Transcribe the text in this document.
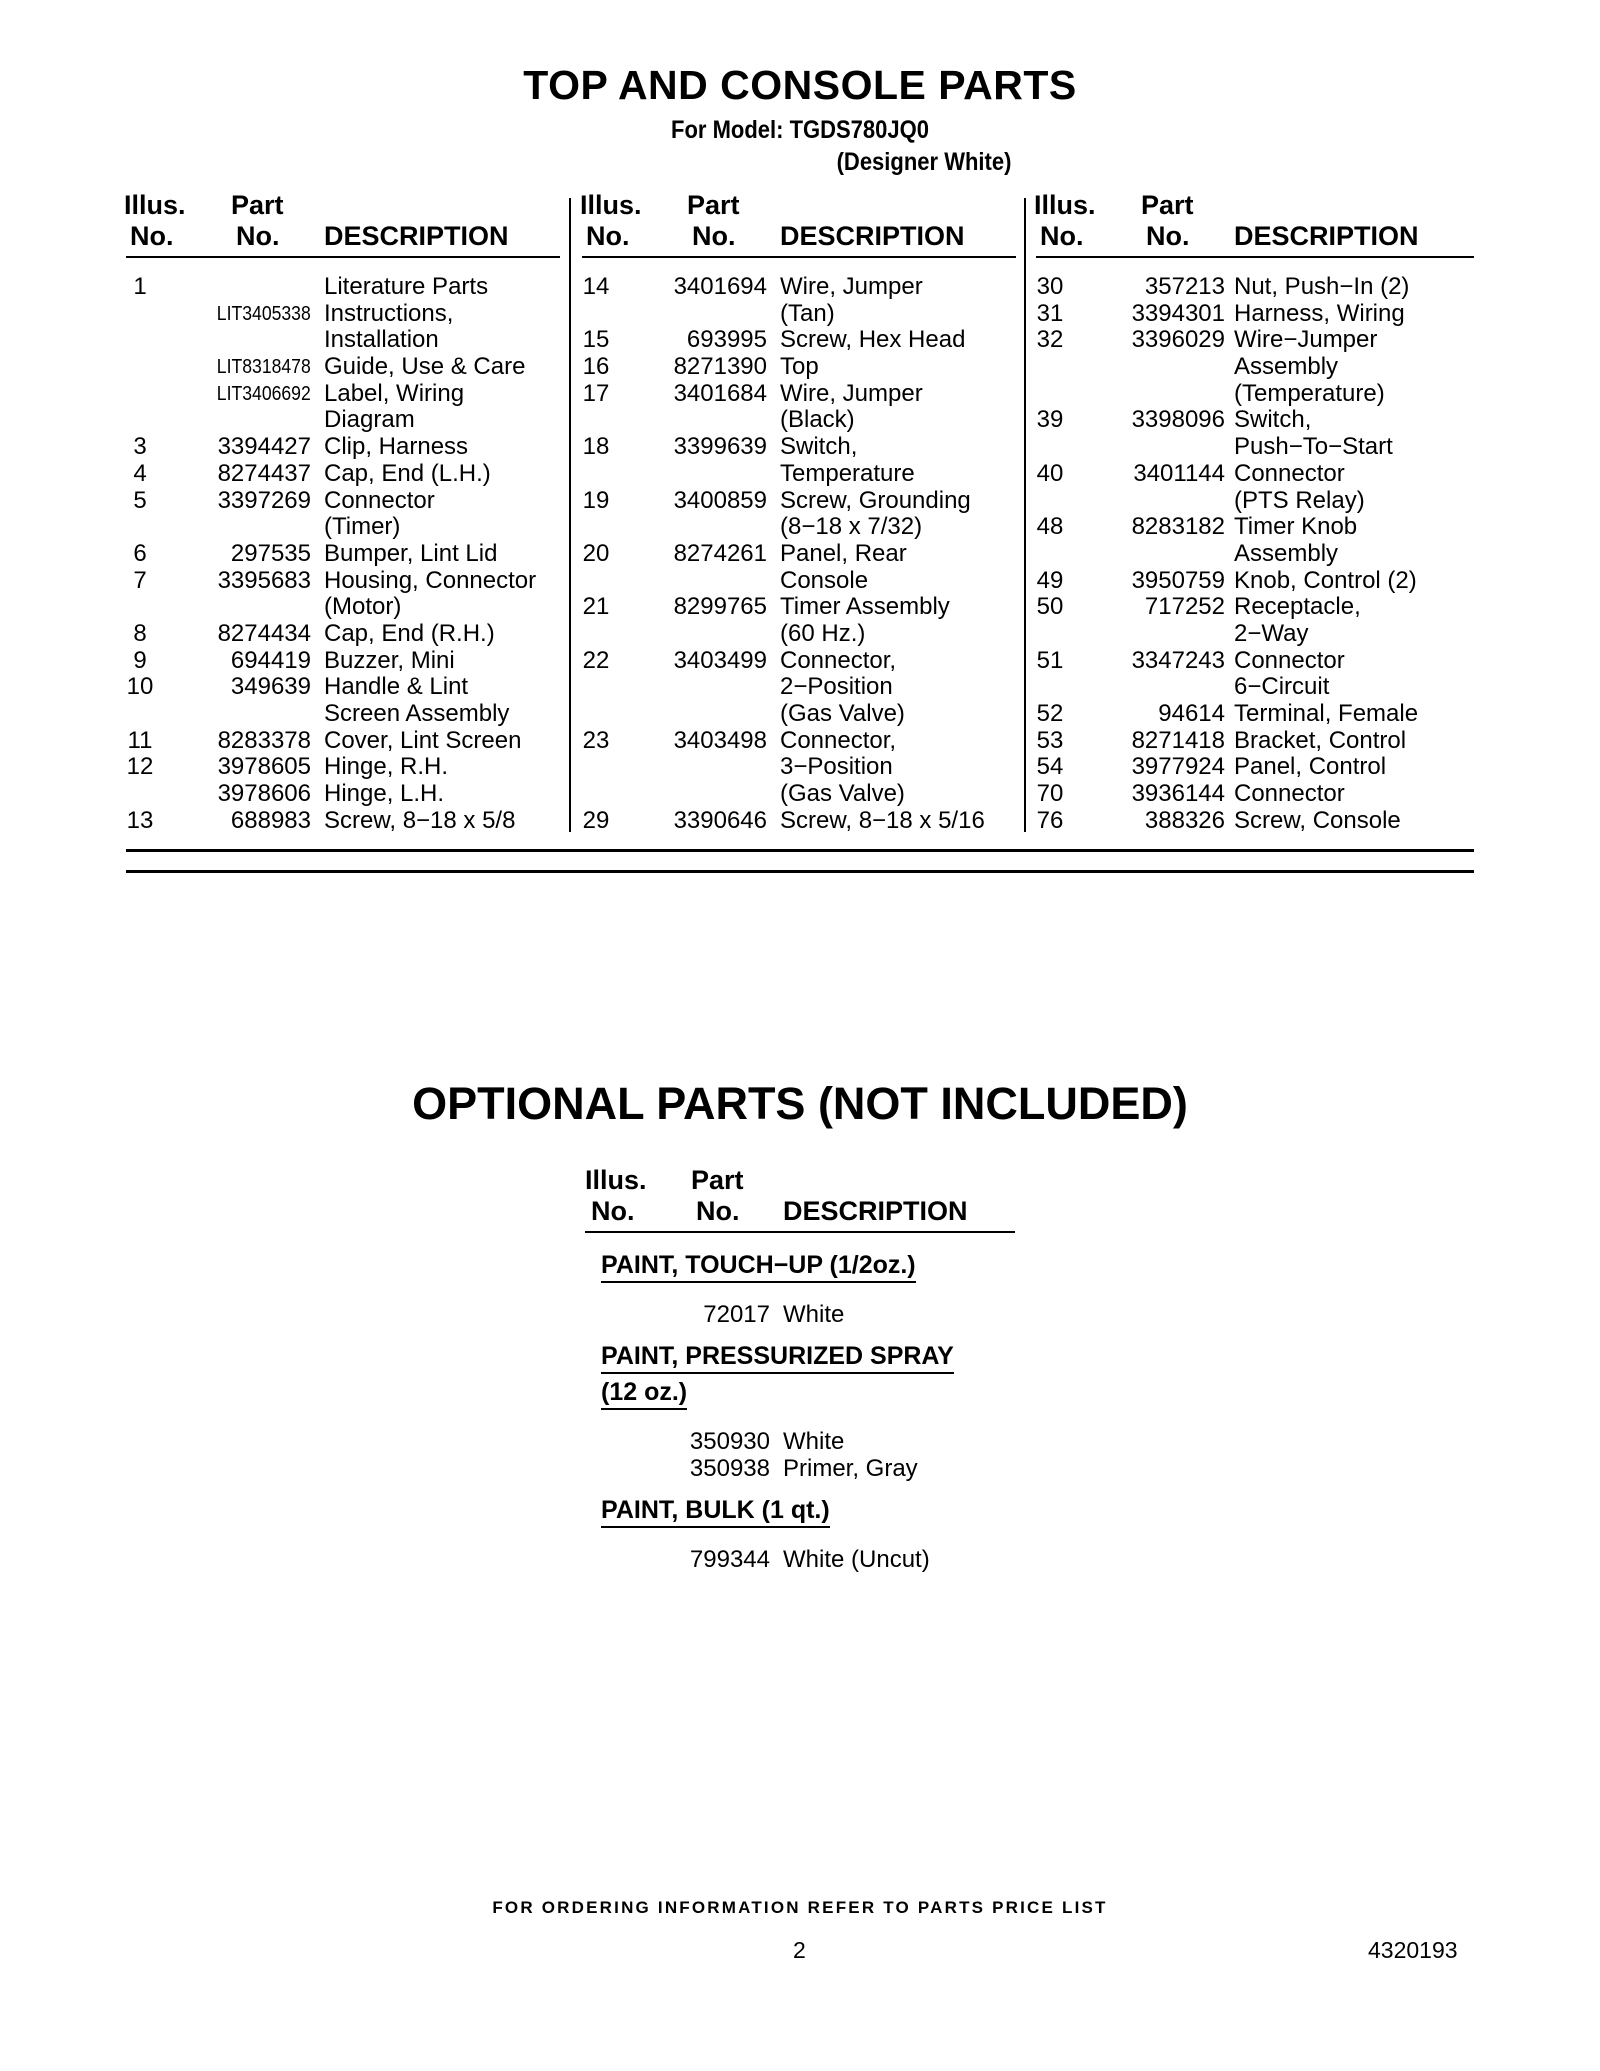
TOP AND CONSOLE PARTS
For Model: TGDS780JQ0
(Designer White)
Illus.
No.
Part
No. DESCRIPTION
1	Literature Parts
LIT3405338 Instructions,
Installation
LIT8318478 Guide, Use & Care
LIT3406692 Label, Wiring
Diagram
3	3394427 Clip, Harness
4	8274437 Cap, End (L.H.)
5	3397269 Connector
(Timer)
6	297535 Bumper, Lint Lid
7	3395683 Housing, Connector
(Motor)
8	8274434 Cap, End (R.H.)
9	694419 Buzzer, Mini
10	349639 Handle & Lint
Screen Assembly
11	8283378 Cover, Lint Screen
12	3978605 Hinge, R.H.
3978606 Hinge, L.H.
13	688983 Screw, 8−18 x 5/8
Illus.
No.
Part
No. DESCRIPTION
14	3401694 Wire, Jumper
(Tan)
15	693995 Screw, Hex Head
16	8271390 Top
17	3401684 Wire, Jumper
(Black)
18	3399639 Switch,
Temperature
19	3400859 Screw, Grounding
(8−18 x 7/32)
20	8274261 Panel, Rear
Console
21	8299765 Timer Assembly
(60 Hz.)
22	3403499 Connector,
2−Position
(Gas Valve)
23	3403498 Connector,
3−Position
(Gas Valve)
29	3390646 Screw, 8−18 x 5/16
Illus.
No.
Part
No. DESCRIPTION
30	357213 Nut, Push−In (2)
31	3394301 Harness, Wiring
32	3396029 Wire−Jumper
Assembly
(Temperature)
39	3398096 Switch,
Push−To−Start
40	3401144 Connector
(PTS Relay)
48	8283182 Timer Knob
Assembly
49	3950759 Knob, Control (2)
50	717252 Receptacle,
2−Way
51	3347243 Connector
6−Circuit
52	94614 Terminal, Female
53	8271418 Bracket, Control
54	3977924 Panel, Control
70	3936144 Connector
76	388326 Screw, Console
OPTIONAL PARTS (NOT INCLUDED)
Illus.
No.
Part
No. DESCRIPTION
PAINT, TOUCH−UP (1/2oz.)
72017 White
PAINT, PRESSURIZED SPRAY
(12 oz.)
350930 White
350938 Primer, Gray
PAINT, BULK (1 qt.)
799344 White (Uncut)
FOR ORDERING INFORMATION REFER TO PARTS PRICE LIST
2	4320193
